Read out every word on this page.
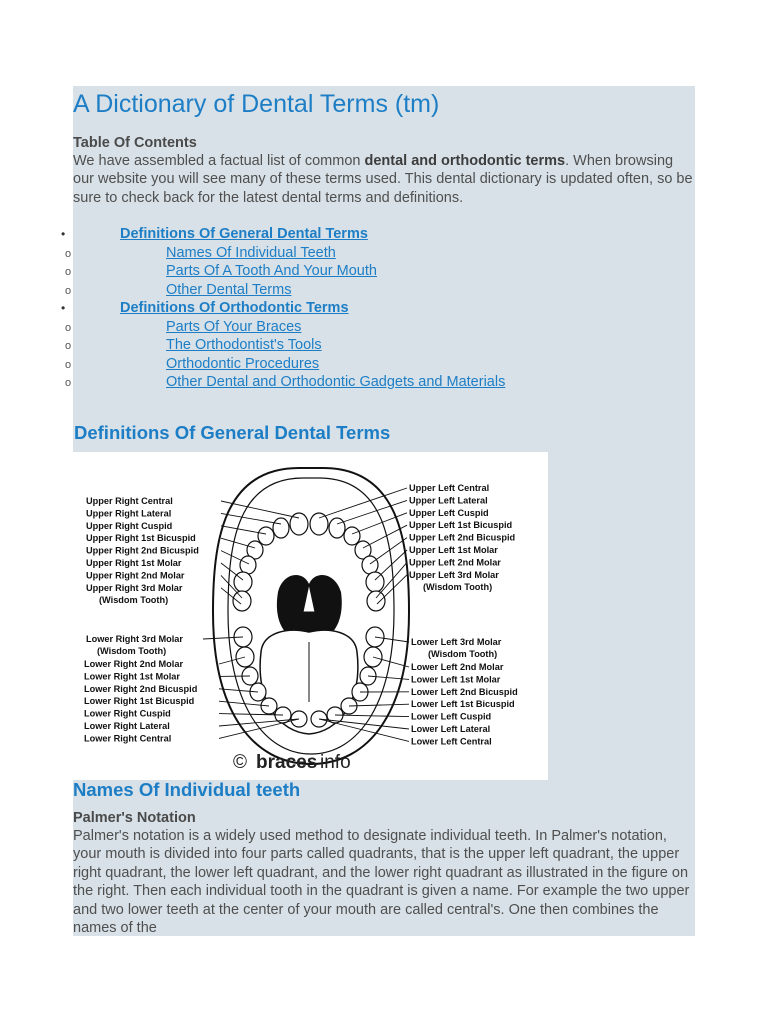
A Dictionary of Dental Terms (tm)
Table Of Contents
We have assembled a factual list of common dental and orthodontic terms. When browsing our website you will see many of these terms used. This dental dictionary is updated often, so be sure to check back for the latest dental terms and definitions.
•	Definitions Of General Dental Terms
o	Names Of Individual Teeth
o	Parts Of A Tooth And Your Mouth
o	Other Dental Terms
•	Definitions Of Orthodontic Terms
o	Parts Of Your Braces
o	The Orthodontist's Tools
o	Orthodontic Procedures
o	Other Dental and Orthodontic Gadgets and Materials
Definitions Of General Dental Terms
Upper Right Central
Upper Right Lateral
Upper Right Cuspid
Upper Right 1st Bicuspid
Upper Right 2nd Bicuspid
Upper Right 1st Molar
Upper Right 2nd Molar
Upper Right 3rd Molar
(Wisdom Tooth)
Upper Left Central
Upper Left Lateral
Upper Left Cuspid
Upper Left 1st Bicuspid
Upper Left 2nd Bicuspid
Upper Left 1st Molar
Upper Left 2nd Molar
Upper Left 3rd Molar
(Wisdom Tooth)
Lower Right 3rd Molar
(Wisdom Tooth)
Lower Right 2nd Molar
Lower Right 1st Molar
Lower Right 2nd Bicuspid
Lower Right 1st Bicuspid
Lower Right Cuspid
Lower Right Lateral
Lower Right Central
Lower Left 3rd Molar
(Wisdom Tooth)
Lower Left 2nd Molar
Lower Left 1st Molar
Lower Left 2nd Bicuspid
Lower Left 1st Bicuspid
Lower Left Cuspid
Lower Left Lateral
Lower Left Central
© braces info
Names Of Individual teeth
Palmer's Notation
Palmer's notation is a widely used method to designate individual teeth. In Palmer's notation, your mouth is divided into four parts called quadrants, that is the upper left quadrant, the upper right quadrant, the lower left quadrant, and the lower right quadrant as illustrated in the figure on the right. Then each individual tooth in the quadrant is given a name. For example the two upper and two lower teeth at the center of your mouth are called central's. One then combines the names of the
